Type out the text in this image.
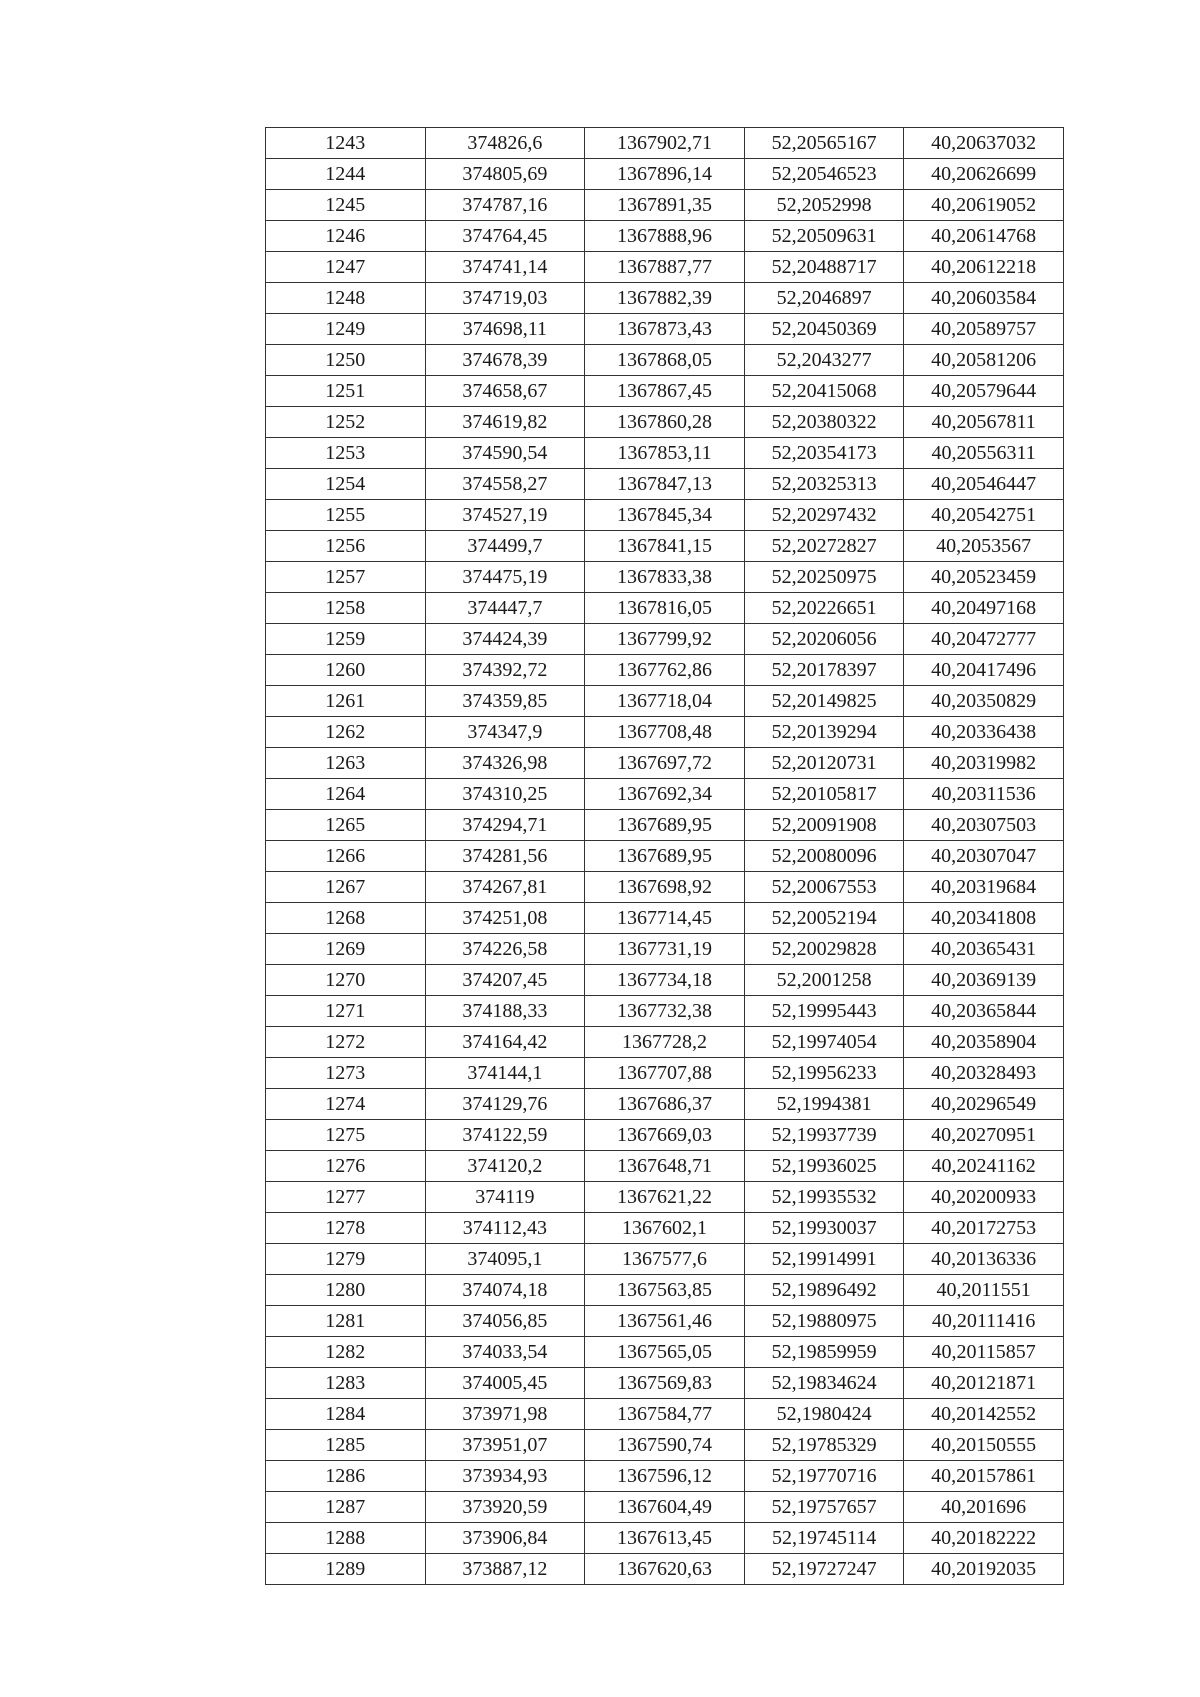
1243	374826,6	1367902,71	52,20565167	40,20637032
1244	374805,69	1367896,14	52,20546523	40,20626699
1245	374787,16	1367891,35	52,2052998	40,20619052
1246	374764,45	1367888,96	52,20509631	40,20614768
1247	374741,14	1367887,77	52,20488717	40,20612218
1248	374719,03	1367882,39	52,2046897	40,20603584
1249	374698,11	1367873,43	52,20450369	40,20589757
1250	374678,39	1367868,05	52,2043277	40,20581206
1251	374658,67	1367867,45	52,20415068	40,20579644
1252	374619,82	1367860,28	52,20380322	40,20567811
1253	374590,54	1367853,11	52,20354173	40,20556311
1254	374558,27	1367847,13	52,20325313	40,20546447
1255	374527,19	1367845,34	52,20297432	40,20542751
1256	374499,7	1367841,15	52,20272827	40,2053567
1257	374475,19	1367833,38	52,20250975	40,20523459
1258	374447,7	1367816,05	52,20226651	40,20497168
1259	374424,39	1367799,92	52,20206056	40,20472777
1260	374392,72	1367762,86	52,20178397	40,20417496
1261	374359,85	1367718,04	52,20149825	40,20350829
1262	374347,9	1367708,48	52,20139294	40,20336438
1263	374326,98	1367697,72	52,20120731	40,20319982
1264	374310,25	1367692,34	52,20105817	40,20311536
1265	374294,71	1367689,95	52,20091908	40,20307503
1266	374281,56	1367689,95	52,20080096	40,20307047
1267	374267,81	1367698,92	52,20067553	40,20319684
1268	374251,08	1367714,45	52,20052194	40,20341808
1269	374226,58	1367731,19	52,20029828	40,20365431
1270	374207,45	1367734,18	52,2001258	40,20369139
1271	374188,33	1367732,38	52,19995443	40,20365844
1272	374164,42	1367728,2	52,19974054	40,20358904
1273	374144,1	1367707,88	52,19956233	40,20328493
1274	374129,76	1367686,37	52,1994381	40,20296549
1275	374122,59	1367669,03	52,19937739	40,20270951
1276	374120,2	1367648,71	52,19936025	40,20241162
1277	374119	1367621,22	52,19935532	40,20200933
1278	374112,43	1367602,1	52,19930037	40,20172753
1279	374095,1	1367577,6	52,19914991	40,20136336
1280	374074,18	1367563,85	52,19896492	40,2011551
1281	374056,85	1367561,46	52,19880975	40,20111416
1282	374033,54	1367565,05	52,19859959	40,20115857
1283	374005,45	1367569,83	52,19834624	40,20121871
1284	373971,98	1367584,77	52,1980424	40,20142552
1285	373951,07	1367590,74	52,19785329	40,20150555
1286	373934,93	1367596,12	52,19770716	40,20157861
1287	373920,59	1367604,49	52,19757657	40,201696
1288	373906,84	1367613,45	52,19745114	40,20182222
1289	373887,12	1367620,63	52,19727247	40,20192035
